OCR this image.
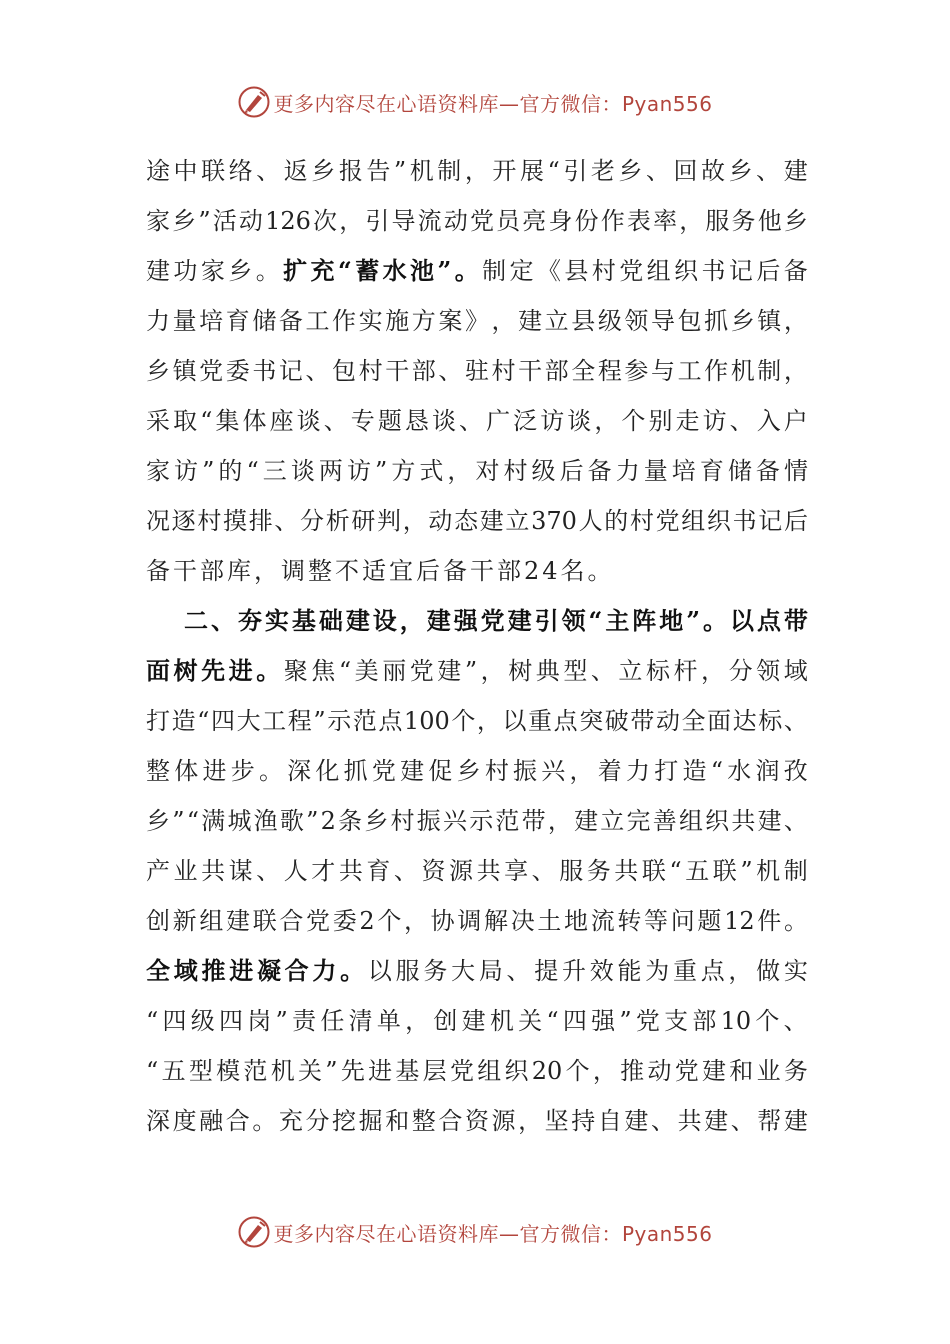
更多内容尽在心语资料库—官方微信：Pyan556
途 中 联 络 、 返 乡 报 告 ” 机 制 ， 开 展 “ 引 老 乡 、 回 故 乡 、 建
家 乡 ” 活 动 126 次 ， 引 导 流 动 党 员 亮 身 份 作 表 率 ， 服 务 他 乡
建 功 家 乡 。 扩 充 “ 蓄 水 池 ” 。 制 定 《 县 村 党 组 织 书 记 后 备
力 量 培 育 储 备 工 作 实 施 方 案 》 ， 建 立 县 级 领 导 包 抓 乡 镇 ，
乡 镇 党 委 书 记 、 包 村 干 部 、 驻 村 干 部 全 程 参 与 工 作 机 制 ，
采 取 “ 集 体 座 谈 、 专 题 恳 谈 、 广 泛 访 谈 ， 个 别 走 访 、 入 户
家 访 ” 的 “ 三 谈 两 访 ” 方 式 ， 对 村 级 后 备 力 量 培 育 储 备 情
况 逐 村 摸 排 、 分 析 研 判 ， 动 态 建 立 370 人 的 村 党 组 织 书 记 后
备 干 部 库 ， 调 整 不 适 宜 后 备 干 部 24 名 。
二 、 夯 实 基 础 建 设 ， 建 强 党 建 引 领 “ 主 阵 地 ” 。 以 点 带
面 树 先 进 。 聚 焦 “ 美 丽 党 建 ” ， 树 典 型 、 立 标 杆 ， 分 领 域
打 造 “ 四 大 工 程 ” 示 范 点 100 个 ， 以 重 点 突 破 带 动 全 面 达 标 、
整 体 进 步 。 深 化 抓 党 建 促 乡 村 振 兴 ， 着 力 打 造 “ 水 润 孜
乡 ” “ 满 城 渔 歌 ” 2 条 乡 村 振 兴 示 范 带 ， 建 立 完 善 组 织 共 建 、
产 业 共 谋 、 人 才 共 育 、 资 源 共 享 、 服 务 共 联 “ 五 联 ” 机 制
创 新 组 建 联 合 党 委 2 个 ， 协 调 解 决 土 地 流 转 等 问 题 12 件 。
全 域 推 进 凝 合 力 。 以 服 务 大 局 、 提 升 效 能 为 重 点 ， 做 实
“ 四 级 四 岗 ” 责 任 清 单 ， 创 建 机 关 “ 四 强 ” 党 支 部 10 个 、
“ 五 型 模 范 机 关 ” 先 进 基 层 党 组 织 20 个 ， 推 动 党 建 和 业 务
深 度 融 合 。 充 分 挖 掘 和 整 合 资 源 ， 坚 持 自 建 、 共 建 、 帮 建
更多内容尽在心语资料库—官方微信：Pyan556
